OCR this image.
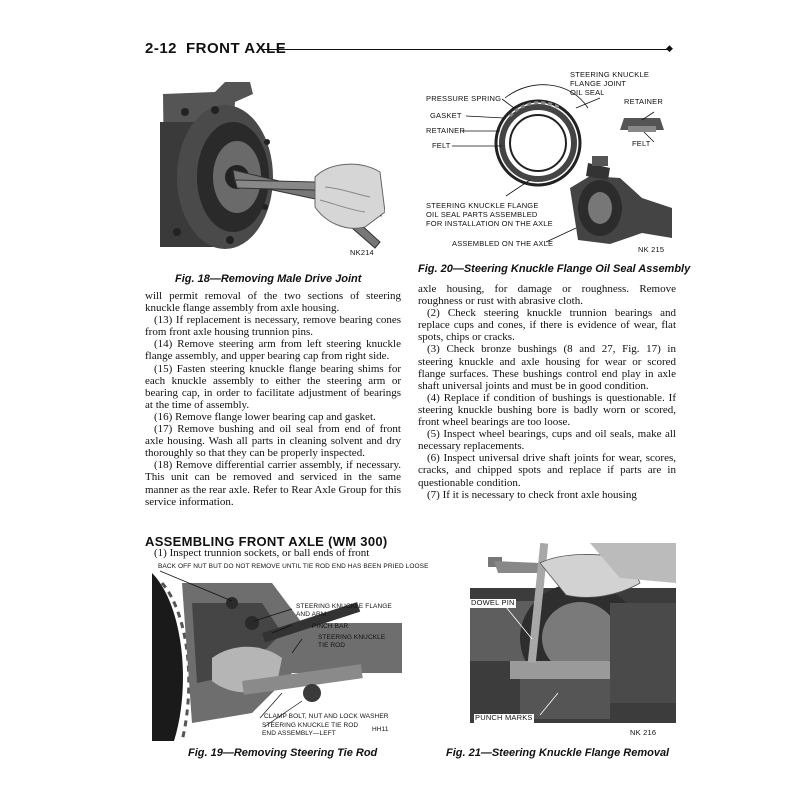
2-12 FRONT AXLE	◆
NK214
Fig. 18—Removing Male Drive Joint
STEERING KNUCKLE
FLANGE JOINT
OIL SEAL
RETAINER
FELT
PRESSURE SPRING
GASKET
RETAINER
FELT
STEERING KNUCKLE FLANGE
OIL SEAL PARTS ASSEMBLED
FOR INSTALLATION ON THE AXLE
ASSEMBLED ON THE AXLE
NK 215
Fig. 20—Steering Knuckle Flange Oil Seal Assembly

will permit removal of the two sections of steering knuckle flange assembly from axle housing.

(13) If replacement is necessary, remove bearing cones from front axle housing trunnion pins.

(14) Remove steering arm from left steering knuckle flange assembly, and upper bearing cap from right side.

(15) Fasten steering knuckle flange bearing shims for each knuckle assembly to either the steering arm or bearing cap, in order to facilitate adjustment of bearings at the time of assembly.

(16) Remove flange lower bearing cap and gasket.

(17) Remove bushing and oil seal from end of front axle housing. Wash all parts in cleaning solvent and dry thoroughly so that they can be properly inspected.

(18) Remove differential carrier assembly, if necessary. This unit can be removed and serviced in the same manner as the rear axle. Refer to Rear Axle Group for this service information.

ASSEMBLING FRONT AXLE (WM 300)
(1) Inspect trunnion sockets, or ball ends of front
BACK OFF NUT BUT DO NOT REMOVE UNTIL TIE ROD END HAS BEEN PRIED LOOSE
STEERING KNUCKLE FLANGE
AND ARM
PINCH BAR
STEERING KNUCKLE
TIE ROD
CLAMP BOLT, NUT AND LOCK WASHER
STEERING KNUCKLE TIE ROD
END ASSEMBLY—LEFT
HH11
Fig. 19—Removing Steering Tie Rod

axle housing, for damage or roughness. Remove roughness or rust with abrasive cloth.

(2) Check steering knuckle trunnion bearings and replace cups and cones, if there is evidence of wear, flat spots, chips or cracks.

(3) Check bronze bushings (8 and 27, Fig. 17) in steering knuckle and axle housing for wear or scored flange surfaces. These bushings control end play in axle shaft universal joints and must be in good condition.

(4) Replace if condition of bushings is questionable. If steering knuckle bushing bore is badly worn or scored, front wheel bearings are too loose.

(5) Inspect wheel bearings, cups and oil seals, make all necessary replacements.

(6) Inspect universal drive shaft joints for wear, scores, cracks, and chipped spots and replace if parts are in questionable condition.

(7) If it is necessary to check front axle housing

DOWEL PIN
PUNCH MARKS
NK 216
Fig. 21—Steering Knuckle Flange Removal
